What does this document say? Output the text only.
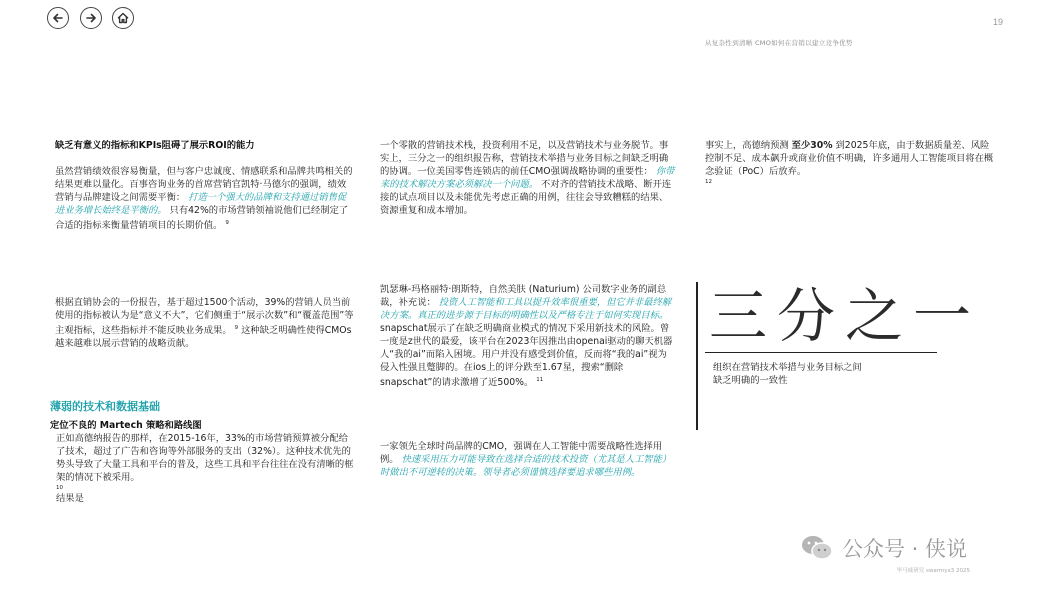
19
从复杂性到清晰 CMO如何在营销以建立竞争优势
缺乏有意义的指标和KPIs阻碍了展示ROI的能力

虽然营销绩效很容易衡量，但与客户忠诚度、情感联系和品牌共鸣相关的结果更难以量化。百事咨询业务的首席营销官凯特·马德尔的强调，绩效营销与品牌建设之间需要平衡： 打造一个强大的品牌和支持通过销售促进业务增长始终是平衡的。 只有42%的市场营销领袖说他们已经制定了合适的指标来衡量营销项目的长期价值。 $^9$

根据直销协会的一份报告，基于超过1500个活动，39%的营销人员当前使用的指标被认为是“意义不大”，它们侧重于“展示次数”和“覆盖范围”等主观指标，这些指标并不能反映业务成果。 $^9$ 这种缺乏明确性使得CMOs越来越难以展示营销的战略贡献。

薄弱的技术和数据基础
定位不良的 Martech 策略和路线图

正如高德纳报告的那样，在2015-16年，33%的市场营销预算被分配给了技术，超过了广告和咨询等外部服务的支出（32%）。这种技术优先的势头导致了大量工具和平台的普及，这些工具和平台往往在没有清晰的框架的情况下被采用。

10
结果是

一个零散的营销技术栈，投资利用不足，以及营销技术与业务脱节。事实上，三分之一的组织报告称，营销技术举措与业务目标之间缺乏明确的协调。一位美国零售连锁店的前任CMO强调战略协调的重要性： 你带来的技术解决方案必须解决一个问题。 不对齐的营销技术战略、断开连接的试点项目以及未能优先考虑正确的用例，往往会导致糟糕的结果、资源重复和成本增加。

凯瑟琳-玛格丽特·朗斯特，自然美肤 (Naturium) 公司数字业务的副总裁，补充说： 投资人工智能和工具以提升效率很重要，但它并非最终解决方案。真正的进步源于目标的明确性以及严格专注于如何实现目标。 snapschat展示了在缺乏明确商业模式的情况下采用新技术的风险。曾一度是z世代的最爱，该平台在2023年因推出由openai驱动的聊天机器人“我的ai”而陷入困境。用户并没有感受到价值，反而将“我的ai”视为侵入性强且蹩脚的。在ios上的评分跌至1.67星，搜索“删除snapschat”的请求激增了近500%。 $^{11}$

一家领先全球时尚品牌的CMO，强调在人工智能中需要战略性选择用例。 快速采用压力可能导致在选择合适的技术投资（尤其是人工智能）时做出不可逆转的决策。领导者必须谨慎选择要追求哪些用例。

事实上，高德纳预测 至少30% 到2025年底，由于数据质量差、风险控制不足、成本飙升或商业价值不明确，许多通用人工智能项目将在概念验证（PoC）后放弃。

12
三分之一
组织在营销技术举措与业务目标之间缺乏明确的一致性
公众号 · 侠说
毕马威研究 swarmyx3 2025
